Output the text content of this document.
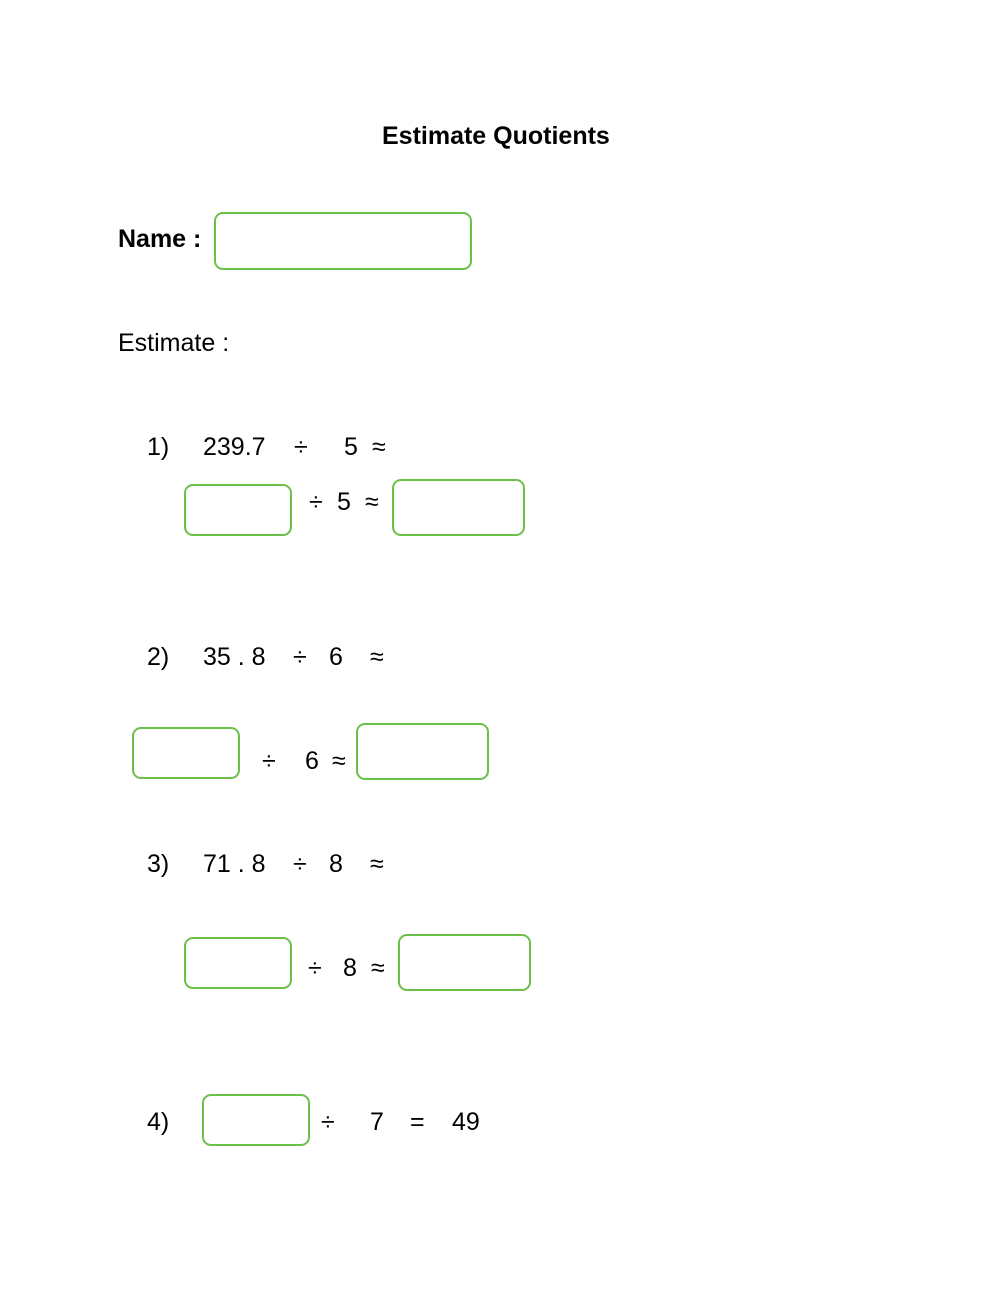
Estimate Quotients
Name :
Estimate :
1) 239.7 ÷ 5 ≈
÷ 5 ≈
2) 35 . 8 ÷ 6 ≈
÷ 6 ≈
3) 71 . 8 ÷ 8 ≈
÷ 8 ≈
4)	÷ 7 = 49
